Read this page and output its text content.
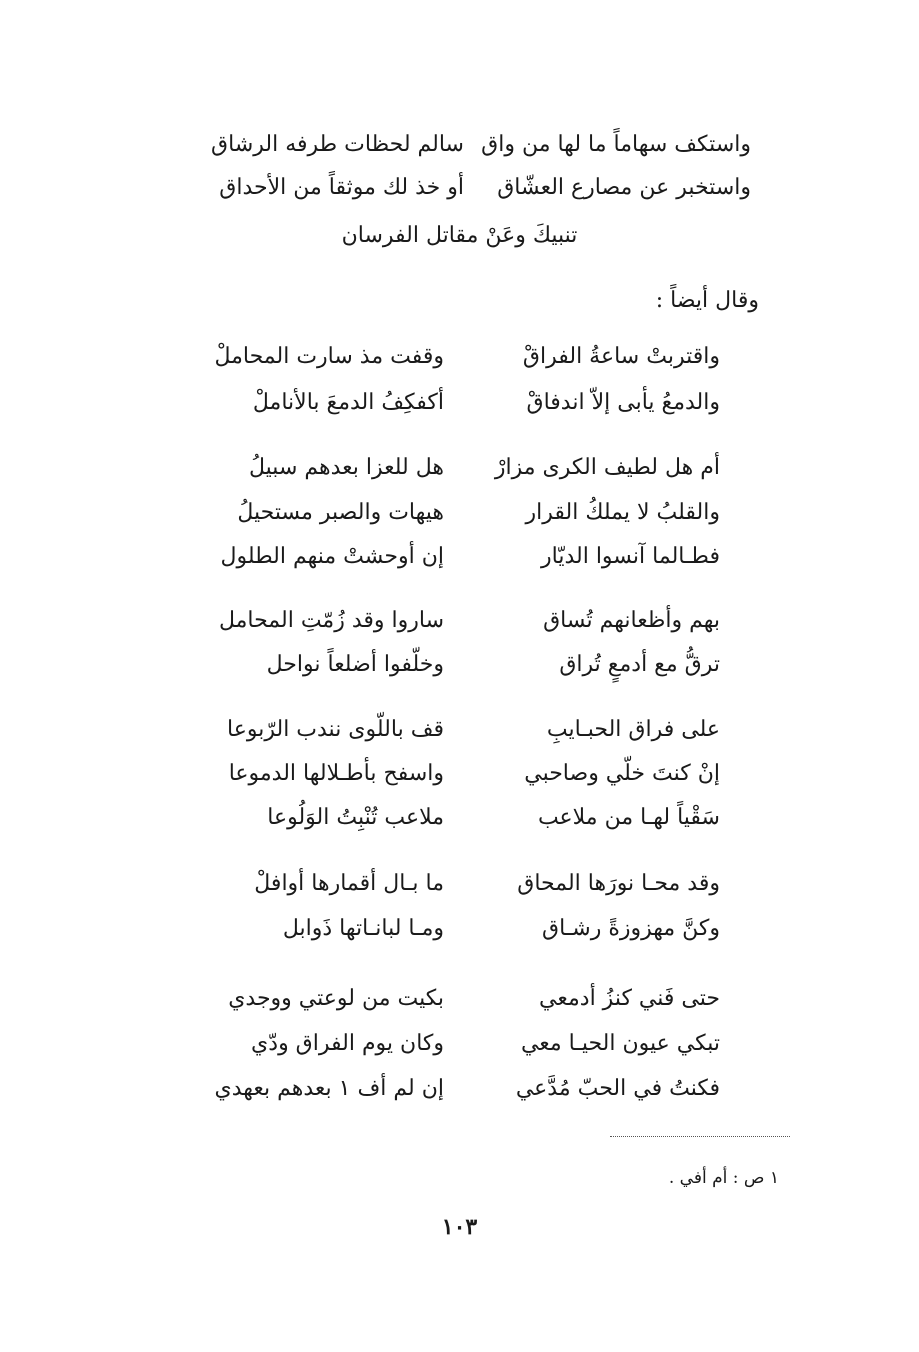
سالم لحظات طرفه الرشاق واستكف سهاماً ما لها من واق
أو خذ لك موثقاً من الأحداق واستخبر عن مصارع العشّاق
تنبيكَ وعَنْ مقاتل الفرسان
وقال أيضاً :
وقفت مذ سارت المحاملْ	واقتربتْ ساعةُ الفراقْ
أكفكِفُ الدمعَ بالأناملْ	والدمعُ يأبى إلاّ اندفاقْ
هل للعزا بعدهم سبيلُ	أم هل لطيف الكرى مزارْ
هيهات والصبر مستحيلُ	والقلبُ لا يملكُ القرار
إن أوحشتْ منهم الطلول	فطـالما آنسوا الديّار
ساروا وقد زُمّتِ المحامل	بهم وأظعانهم تُساق
وخلّفوا أضلعاً نواحل	ترقُّ مع أدمعٍ تُراق
قف باللّوى نندب الرّبوعا	على فراق الحبـايبِ
واسفح بأطـلالها الدموعا	إنْ كنتَ خلّي وصاحبي
ملاعب تُنْبِتُ الوَلُوعا	سَقْياً لهـا من ملاعب
ما بـال أقمارها أوافلْ	وقد محـا نورَها المحاق
ومـا لبانـاتها ذَوابل	وكنَّ مهزوزةً رشـاق
بكيت من لوعتي ووجدي	حتى فَني كنزُ أدمعي
وكان يوم الفراق ودّي	تبكي عيون الحيـا معي
إن لم أف ١ بعدهم بعهدي	فكنتُ في الحبّ مُدَّعي
١ ص : أم أفي .
١٠٣
